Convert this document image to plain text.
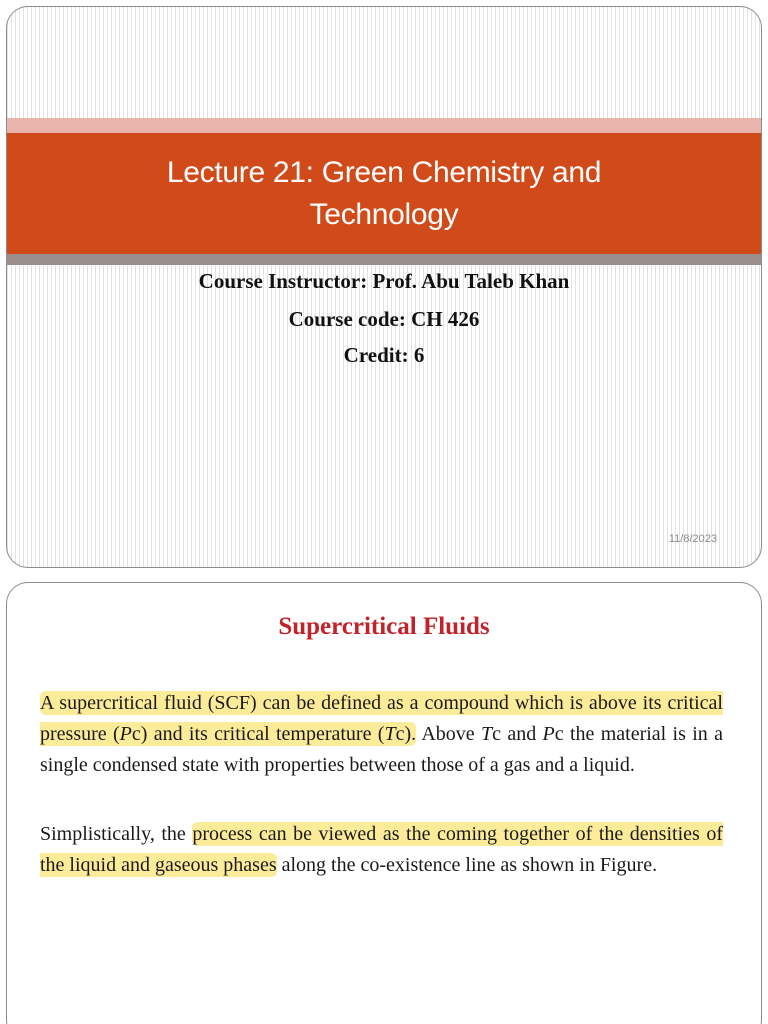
Lecture 21: Green Chemistry and Technology
Course Instructor: Prof. Abu Taleb Khan
Course code: CH 426
Credit: 6
11/8/2023
Supercritical Fluids

A supercritical fluid (SCF) can be defined as a compound which is above its critical pressure (Pc) and its critical temperature (Tc). Above Tc and Pc the material is in a single condensed state with properties between those of a gas and a liquid.

Simplistically, the process can be viewed as the coming together of the densities of the liquid and gaseous phases along the co-existence line as shown in Figure.
